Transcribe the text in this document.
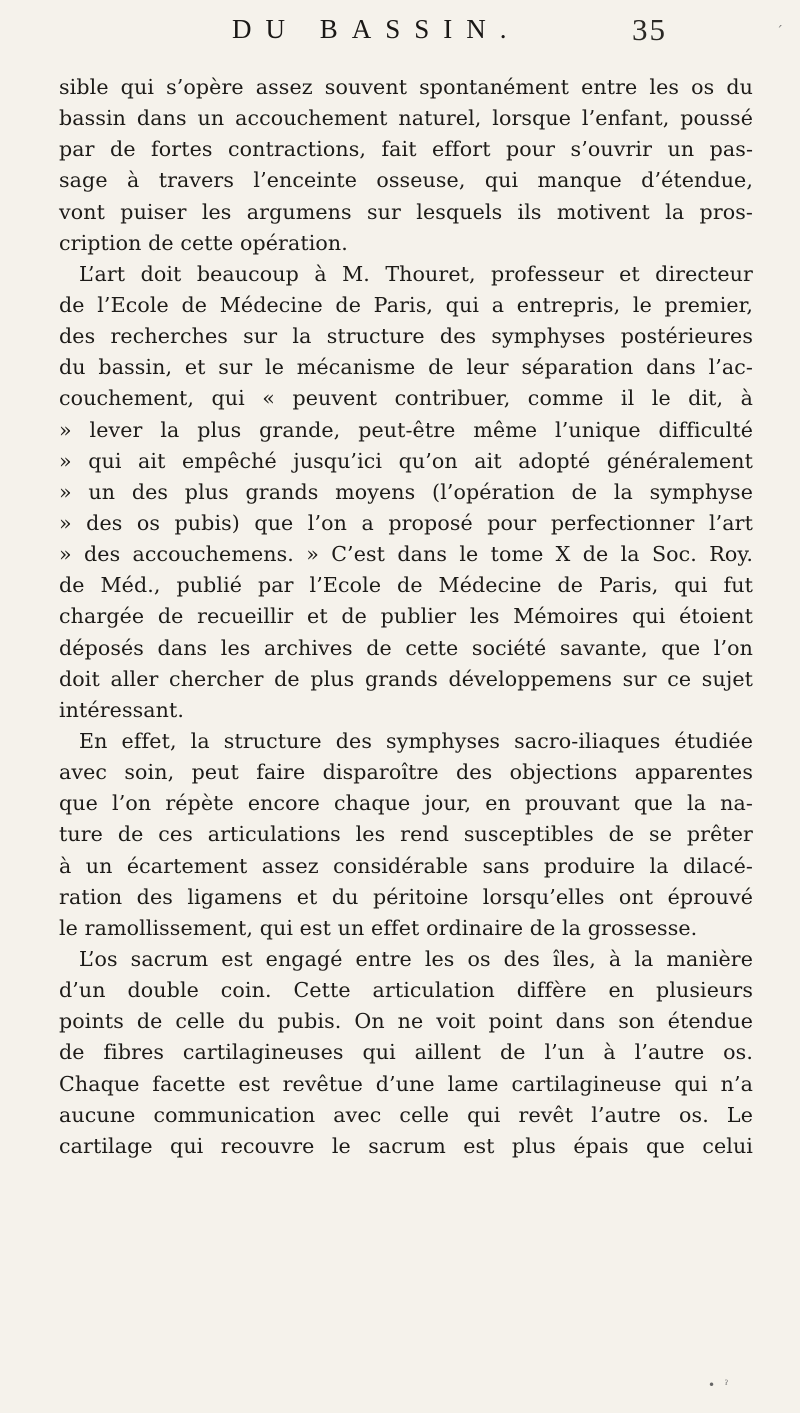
DU BASSIN.	35	´
sible qui s’opère assez souvent spontanément entre les os du
bassin dans un accouchement naturel, lorsque l’enfant, poussé
par de fortes contractions, fait effort pour s’ouvrir un pas-
sage à travers l’enceinte osseuse, qui manque d’étendue,
vont puiser les argumens sur lesquels ils motivent la pros-
cription de cette opération.
L’art doit beaucoup à M. Thouret, professeur et directeur
de l’Ecole de Médecine de Paris, qui a entrepris, le premier,
des recherches sur la structure des symphyses postérieures
du bassin, et sur le mécanisme de leur séparation dans l’ac-
couchement, qui « peuvent contribuer, comme il le dit, à
» lever la plus grande, peut-être même l’unique difficulté
» qui ait empêché jusqu’ici qu’on ait adopté généralement
» un des plus grands moyens (l’opération de la symphyse
» des os pubis) que l’on a proposé pour perfectionner l’art
» des accouchemens. » C’est dans le tome X de la Soc. Roy.
de Méd., publié par l’Ecole de Médecine de Paris, qui fut
chargée de recueillir et de publier les Mémoires qui étoient
déposés dans les archives de cette société savante, que l’on
doit aller chercher de plus grands développemens sur ce sujet
intéressant.
En effet, la structure des symphyses sacro-iliaques étudiée
avec soin, peut faire disparoître des objections apparentes
que l’on répète encore chaque jour, en prouvant que la na-
ture de ces articulations les rend susceptibles de se prêter
à un écartement assez considérable sans produire la dilacé-
ration des ligamens et du péritoine lorsqu’elles ont éprouvé
le ramollissement, qui est un effet ordinaire de la grossesse.
L’os sacrum est engagé entre les os des îles, à la manière
d’un double coin. Cette articulation diffère en plusieurs
points de celle du pubis. On ne voit point dans son étendue
de fibres cartilagineuses qui aillent de l’un à l’autre os.
Chaque facette est revêtue d’une lame cartilagineuse qui n’a
aucune communication avec celle qui revêt l’autre os. Le
cartilage qui recouvre le sacrum est plus épais que celui
• ˀ
